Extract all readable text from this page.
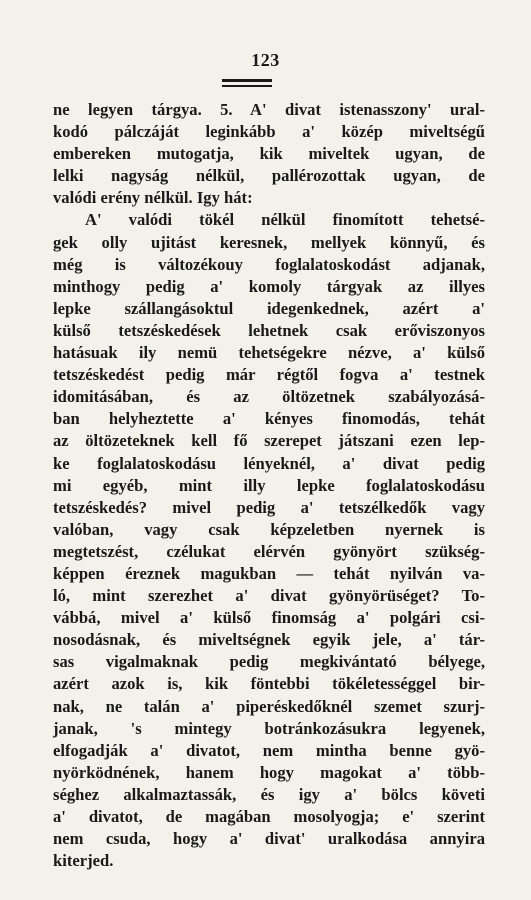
123
ne legyen tárgya. 5. A' divat istenasszony' ural-
kodó pálczáját leginkább a' közép miveltségű
embereken mutogatja, kik miveltek ugyan, de
lelki nagyság nélkül, pallérozottak ugyan, de
valódi erény nélkül. Igy hát:
A' valódi tökél nélkül finomított tehetsé-
gek olly ujitást keresnek, mellyek könnyű, és
még is változékouy foglalatoskodást adjanak,
minthogy pedig a' komoly tárgyak az illyes
lepke szállangásoktul idegenkednek, azért a'
külső tetszéskedések lehetnek csak erőviszonyos
hatásuak ily nemü tehetségekre nézve, a' külső
tetszéskedést pedig már régtől fogva a' testnek
idomitásában, és az öltözetnek szabályozásá-
ban helyheztette a' kényes finomodás, tehát
az öltözeteknek kell fő szerepet játszani ezen lep-
ke foglalatoskodásu lényeknél, a' divat pedig
mi egyéb, mint illy lepke foglalatoskodásu
tetszéskedés? mivel pedig a' tetszélkedők vagy
valóban, vagy csak képzeletben nyernek is
megtetszést, czélukat elérvén gyönyört szükség-
képpen éreznek magukban — tehát nyilván va-
ló, mint szerezhet a' divat gyönyörüséget? To-
vábbá, mivel a' külső finomság a' polgári csi-
nosodásnak, és miveltségnek egyik jele, a' tár-
sas vigalmaknak pedig megkivántató bélyege,
azért azok is, kik föntebbi tökéletességgel bir-
nak, ne talán a' piperéskedőknél szemet szurj-
janak, 's mintegy botránkozásukra legyenek,
elfogadják a' divatot, nem mintha benne gyö-
nyörködnének, hanem hogy magokat a' több-
séghez alkalmaztassák, és igy a' bölcs követi
a' divatot, de magában mosolyogja; e' szerint
nem csuda, hogy a' divat' uralkodása annyira
kiterjed.
